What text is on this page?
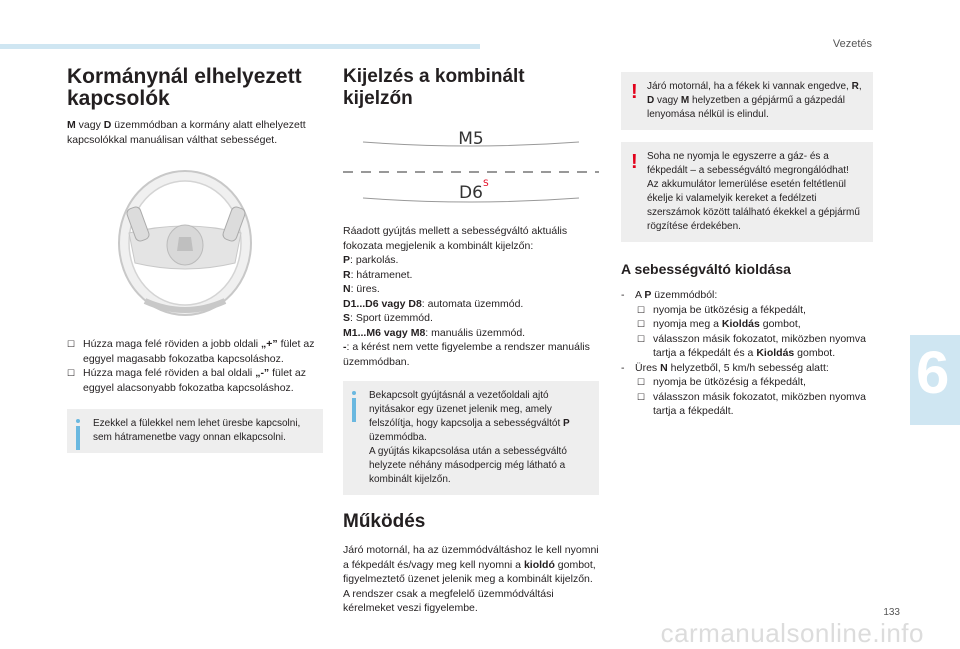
Vezetés
6
Kormánynál elhelyezett kapcsolók

M vagy D üzemmódban a kormány alatt elhelyezett kapcsolókkal manuálisan válthat sebességet.

☐ Húzza maga felé röviden a jobb oldali „+” fület az eggyel magasabb fokozatba kapcsoláshoz.
☐ Húzza maga felé röviden a bal oldali „-” fület az eggyel alacsonyabb fokozatba kapcsoláshoz.
Ezekkel a fülekkel nem lehet üresbe kapcsolni, sem hátramenetbe vagy onnan elkapcsolni.
Kijelzés a kombinált kijelzőn
M5
D6 S

Ráadott gyújtás mellett a sebességváltó aktuális fokozata megjelenik a kombinált kijelzőn:

P: parkolás.

R: hátramenet.

N: üres.

D1...D6 vagy D8: automata üzemmód.

S: Sport üzemmód.

M1...M6 vagy M8: manuális üzemmód.

-: a kérést nem vette figyelembe a rendszer manuális üzemmódban.

Bekapcsolt gyújtásnál a vezetőoldali ajtó nyitásakor egy üzenet jelenik meg, amely felszólítja, hogy kapcsolja a sebességváltót P üzemmódba.
A gyújtás kikapcsolása után a sebességváltó helyzete néhány másodpercig még látható a kombinált kijelzőn.
Működés

Járó motornál, ha az üzemmódváltáshoz le kell nyomni a fékpedált és/vagy meg kell nyomni a kioldó gombot, figyelmeztető üzenet jelenik meg a kombinált kijelzőn.

A rendszer csak a megfelelő üzemmódváltási kérelmeket veszi figyelembe.

! Járó motornál, ha a fékek ki vannak engedve, R, D vagy M helyzetben a gépjármű a gázpedál lenyomása nélkül is elindul.
! Soha ne nyomja le egyszerre a gáz- és a fékpedált – a sebességváltó megrongálódhat!
Az akkumulátor lemerülése esetén feltétlenül ékelje ki valamelyik kereket a fedélzeti szerszámok között található ékekkel a gépjármű rögzítése érdekében.
A sebességváltó kioldása
-	A P üzemmódból:
☐ nyomja be ütközésig a fékpedált,
☐ nyomja meg a Kioldás gombot,
☐ válasszon másik fokozatot, miközben nyomva tartja a fékpedált és a Kioldás gombot.
-	Üres N helyzetből, 5 km/h sebesség alatt:
☐ nyomja be ütközésig a fékpedált,
☐ válasszon másik fokozatot, miközben nyomva tartja a fékpedált.
133
carmanualsonline.info
